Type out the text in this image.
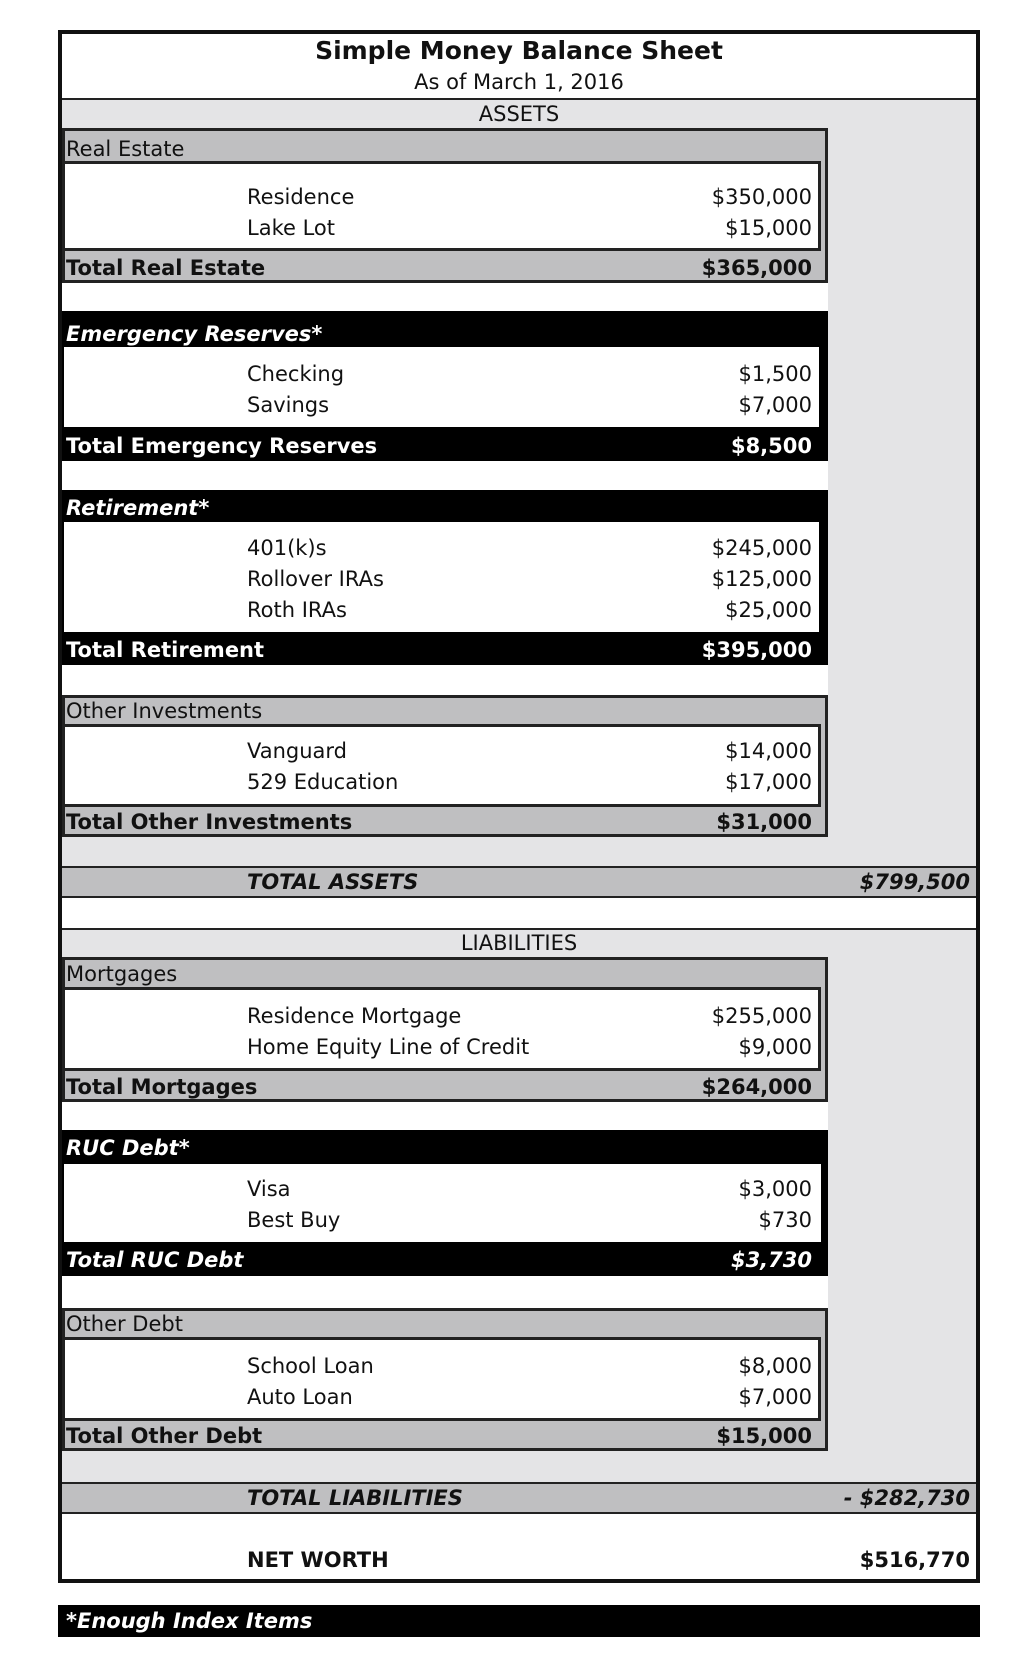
Simple Money Balance Sheet
As of March 1, 2016
ASSETS
Real Estate
Residence	$350,000
Lake Lot	$15,000
Total Real Estate	$365,000
Emergency Reserves*
Checking	$1,500
Savings	$7,000
Total Emergency Reserves	$8,500
Retirement*
401(k)s	$245,000
Rollover IRAs	$125,000
Roth IRAs	$25,000
Total Retirement	$395,000
Other Investments
Vanguard	$14,000
529 Education	$17,000
Total Other Investments	$31,000
TOTAL ASSETS	$799,500
LIABILITIES
Mortgages
Residence Mortgage	$255,000
Home Equity Line of Credit	$9,000
Total Mortgages	$264,000
RUC Debt*
Visa	$3,000
Best Buy	$730
Total RUC Debt	$3,730
Other Debt
School Loan	$8,000
Auto Loan	$7,000
Total Other Debt	$15,000
TOTAL LIABILITIES	- $282,730
NET WORTH	$516,770
*Enough Index Items
